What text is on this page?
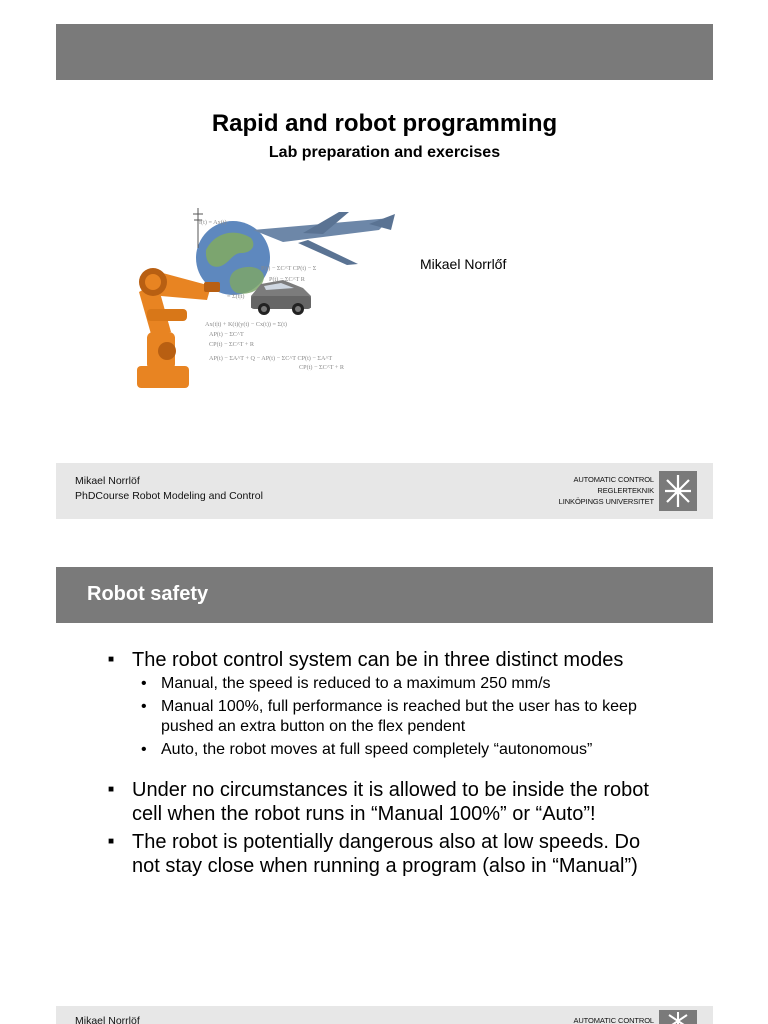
Rapid and robot programming
Lab preparation and exercises
f(t) = Ax(t)
P(t) − ΣC^T CP(t) − Σ
P(t) − ΣC^T R
= Σ(t|t)
Ax(t|t) + K(t)(y(t) − Cx(t)) = Σ(t)
AP(t) − ΣC^T
CP(t) − ΣC^T + R
AP(t) − ΣA^T + Q − AP(t) − ΣC^T CP(t) − ΣA^T
CP(t) − ΣC^T + R
Mikael Norrlőf
Mikael Norrlöf
PhDCourse Robot Modeling and Control
AUTOMATIC CONTROL
REGLERTEKNIK
LINKÖPINGS UNIVERSITET
Robot safety
■ The robot control system can be in three distinct modes
• Manual, the speed is reduced to a maximum 250 mm/s
• Manual 100%, full performance is reached but the user has to keep pushed an extra button on the flex pendent
• Auto, the robot moves at full speed completely “autonomous”
■ Under no circumstances it is allowed to be inside the robot cell when the robot runs in “Manual 100%” or “Auto”!
■ The robot is potentially dangerous also at low speeds. Do not stay close when running a program (also in “Manual”)
Mikael Norrlöf	AUTOMATIC CONTROL
